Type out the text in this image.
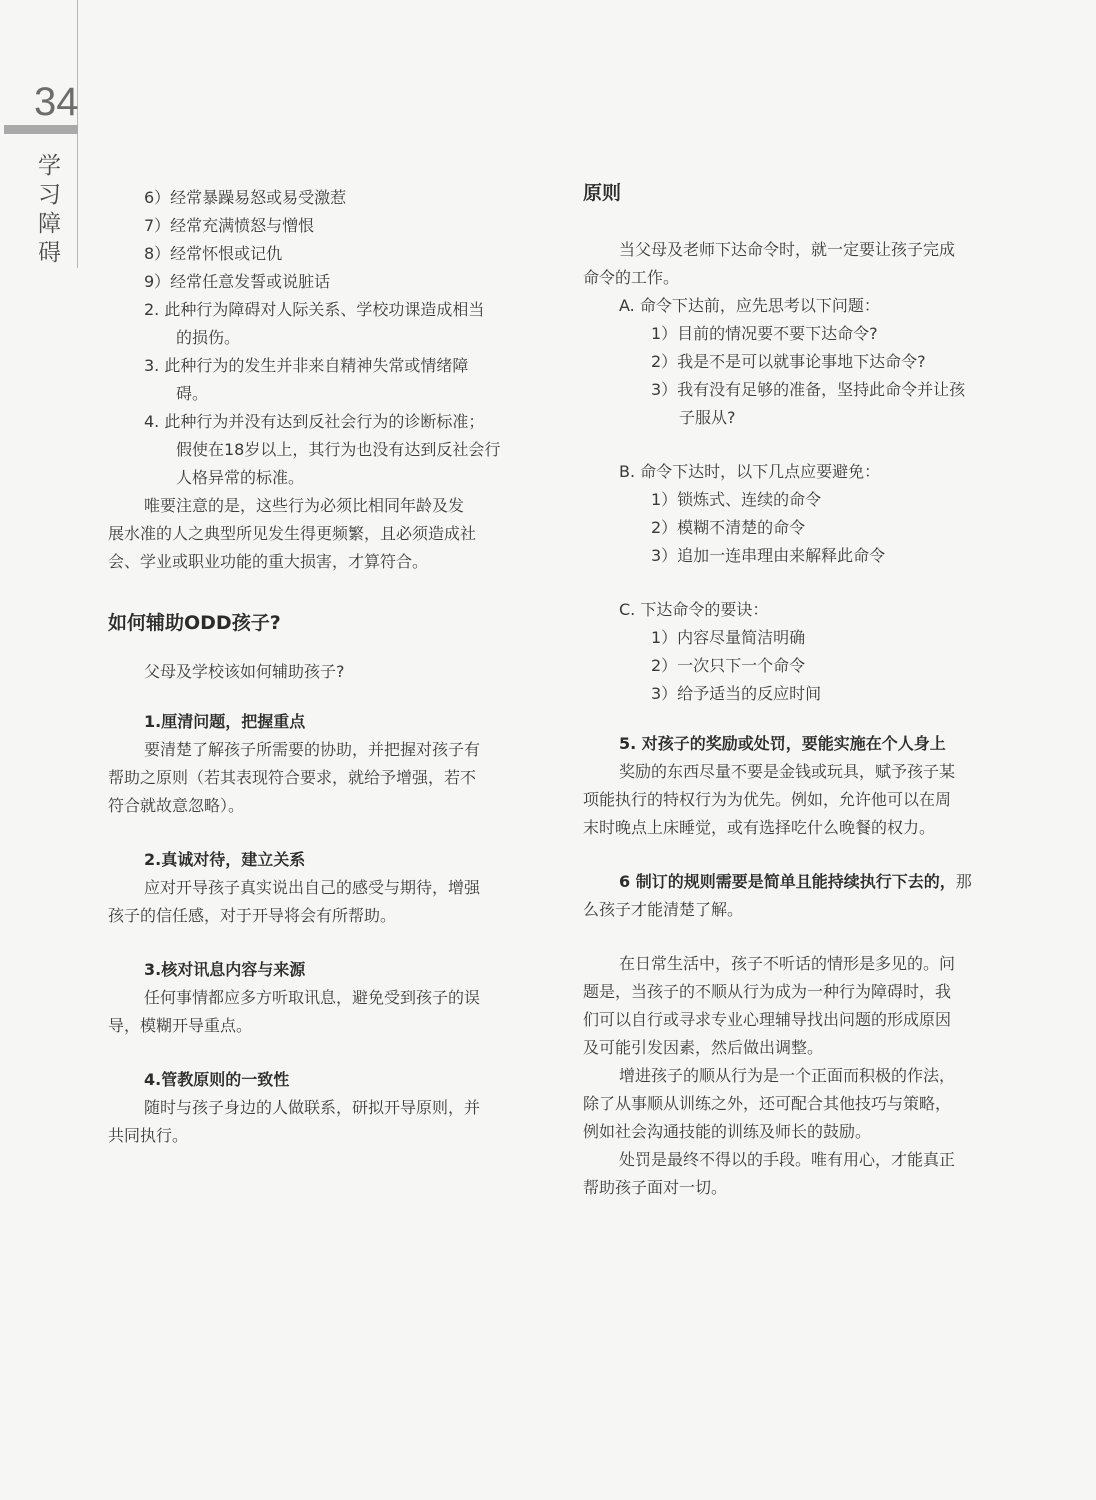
34
学习障碍
6）经常暴躁易怒或易受激惹
7）经常充满愤怒与憎恨
8）经常怀恨或记仇
9）经常任意发誓或说脏话
2. 此种行为障碍对人际关系、学校功课造成相当
的损伤。
3. 此种行为的发生并非来自精神失常或情绪障
碍。
4. 此种行为并没有达到反社会行为的诊断标准；
假使在18岁以上，其行为也没有达到反社会行
人格异常的标准。
唯要注意的是，这些行为必须比相同年龄及发
展水准的人之典型所见发生得更频繁，且必须造成社
会、学业或职业功能的重大损害，才算符合。
如何辅助ODD孩子?
父母及学校该如何辅助孩子?
1.厘清问题，把握重点
要清楚了解孩子所需要的协助，并把握对孩子有
帮助之原则（若其表现符合要求，就给予增强，若不
符合就故意忽略）。
2.真诚对待，建立关系
应对开导孩子真实说出自己的感受与期待，增强
孩子的信任感，对于开导将会有所帮助。
3.核对讯息内容与来源
任何事情都应多方听取讯息，避免受到孩子的误
导，模糊开导重点。
4.管教原则的一致性
随时与孩子身边的人做联系，研拟开导原则，并
共同执行。
原则
当父母及老师下达命令时，就一定要让孩子完成
命令的工作。
A. 命令下达前，应先思考以下问题：
1）目前的情况要不要下达命令?
2）我是不是可以就事论事地下达命令?
3）我有没有足够的准备，坚持此命令并让孩
子服从?
B. 命令下达时，以下几点应要避免：
1）锁炼式、连续的命令
2）模糊不清楚的命令
3）追加一连串理由来解释此命令
C. 下达命令的要诀：
1）内容尽量简洁明确
2）一次只下一个命令
3）给予适当的反应时间
5. 对孩子的奖励或处罚，要能实施在个人身上
奖励的东西尽量不要是金钱或玩具，赋予孩子某
项能执行的特权行为为优先。例如，允许他可以在周
末时晚点上床睡觉，或有选择吃什么晚餐的权力。
6 制订的规则需要是简单且能持续执行下去的，那
么孩子才能清楚了解。
在日常生活中，孩子不听话的情形是多见的。问
题是，当孩子的不顺从行为成为一种行为障碍时，我
们可以自行或寻求专业心理辅导找出问题的形成原因
及可能引发因素，然后做出调整。
增进孩子的顺从行为是一个正面而积极的作法，
除了从事顺从训练之外，还可配合其他技巧与策略，
例如社会沟通技能的训练及师长的鼓励。
处罚是最终不得以的手段。唯有用心，才能真正
帮助孩子面对一切。
